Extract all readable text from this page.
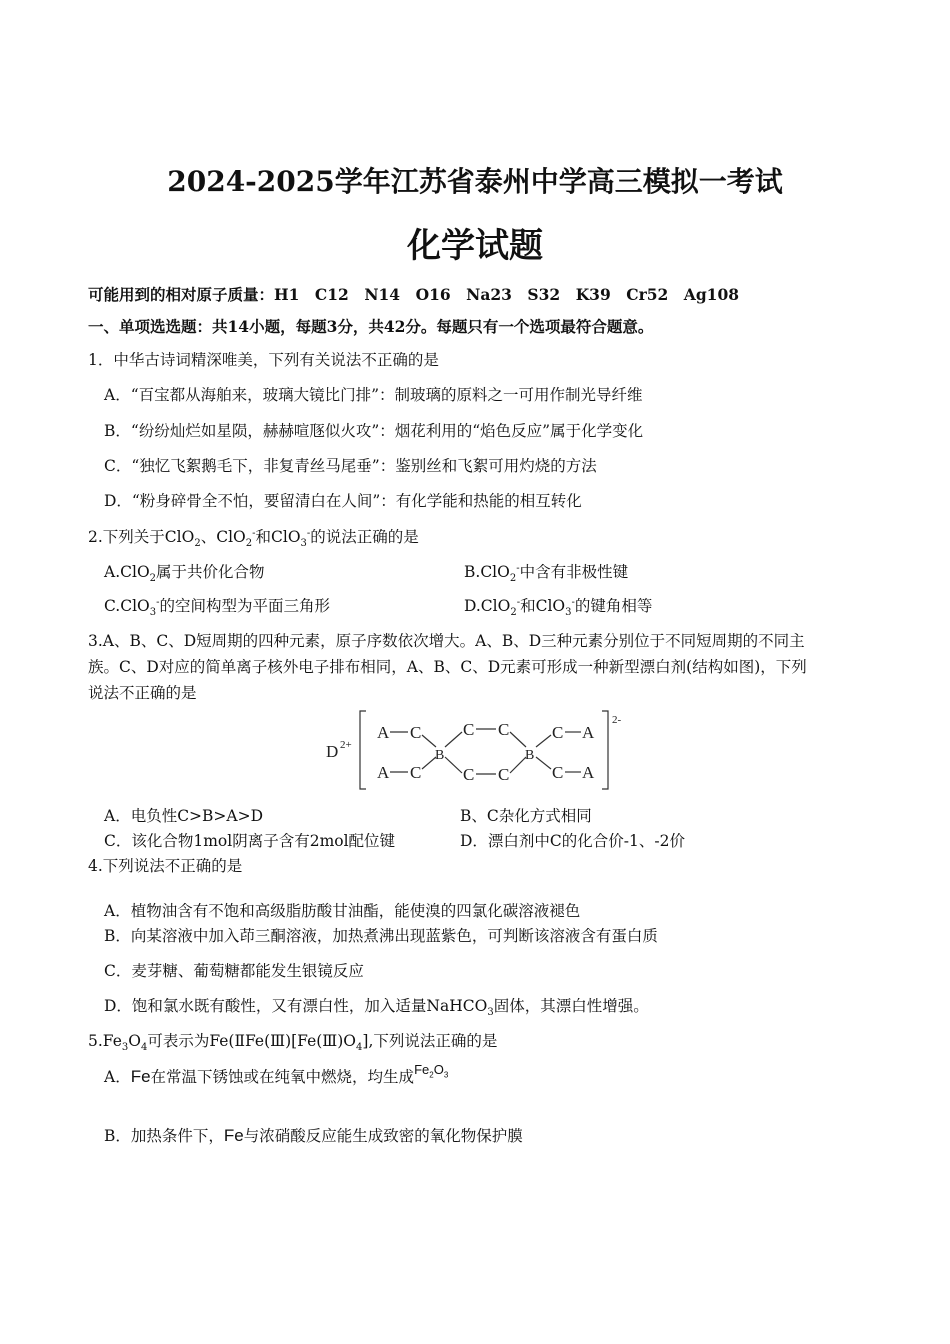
2024-2025学年江苏省泰州中学高三模拟一考试
化学试题
可能用到的相对原子质量：H1　C12　N14　O16　Na23　S32　K39　Cr52　Ag108
一、单项选选题：共14小题，每题3分，共42分。每题只有一个选项最符合题意。
1．中华古诗词精深唯美，下列有关说法不正确的是
A．“百宝都从海舶来，玻璃大镜比门排”：制玻璃的原料之一可用作制光导纤维
B．“纷纷灿烂如星陨，赫赫喧豗似火攻”：烟花利用的“焰色反应”属于化学变化
C．“独忆飞絮鹅毛下，非复青丝马尾垂”：鉴别丝和飞絮可用灼烧的方法
D．“粉身碎骨全不怕，要留清白在人间”：有化学能和热能的相互转化
2.下列关于ClO$_2$、ClO$_2$-和ClO$_3$-的说法正确的是
A.ClO$_2$属于共价化合物	B.ClO$_2$-中含有非极性键
C.ClO$_3$-的空间构型为平面三角形	D.ClO$_2$-和ClO$_3$-的键角相等
3.A、B、C、D短周期的四种元素，原子序数依次增大。A、B、D三种元素分别位于不同短周期的不同主
族。C、D对应的简单离子核外电子排布相同，A、B、C、D元素可形成一种新型漂白剂(结构如图)，下列
说法不正确的是
D 2+
2-
A C
A C
B
C C
C C
B
C A
C A
A．电负性C>B>A>D	B、C杂化方式相同
C．该化合物1mol阴离子含有2mol配位键	D．漂白剂中C的化合价-1、-2价
4.下列说法不正确的是
A．植物油含有不饱和高级脂肪酸甘油酯，能使溴的四氯化碳溶液褪色
B．向某溶液中加入茚三酮溶液，加热煮沸出现蓝紫色，可判断该溶液含有蛋白质
C．麦芽糖、葡萄糖都能发生银镜反应
D．饱和氯水既有酸性，又有漂白性，加入适量NaHCO$_3$固体，其漂白性增强。
$5.Fe_3O_4$可表示为$Fe(ⅡFe(Ⅲ)[Fe(Ⅲ)O_4]$,下列说法正确的是
A．Fe在常温下锈蚀或在纯氧中燃烧，均生成$^{Fe_2O_3}$
B．加热条件下，Fe与浓硝酸反应能生成致密的氧化物保护膜
